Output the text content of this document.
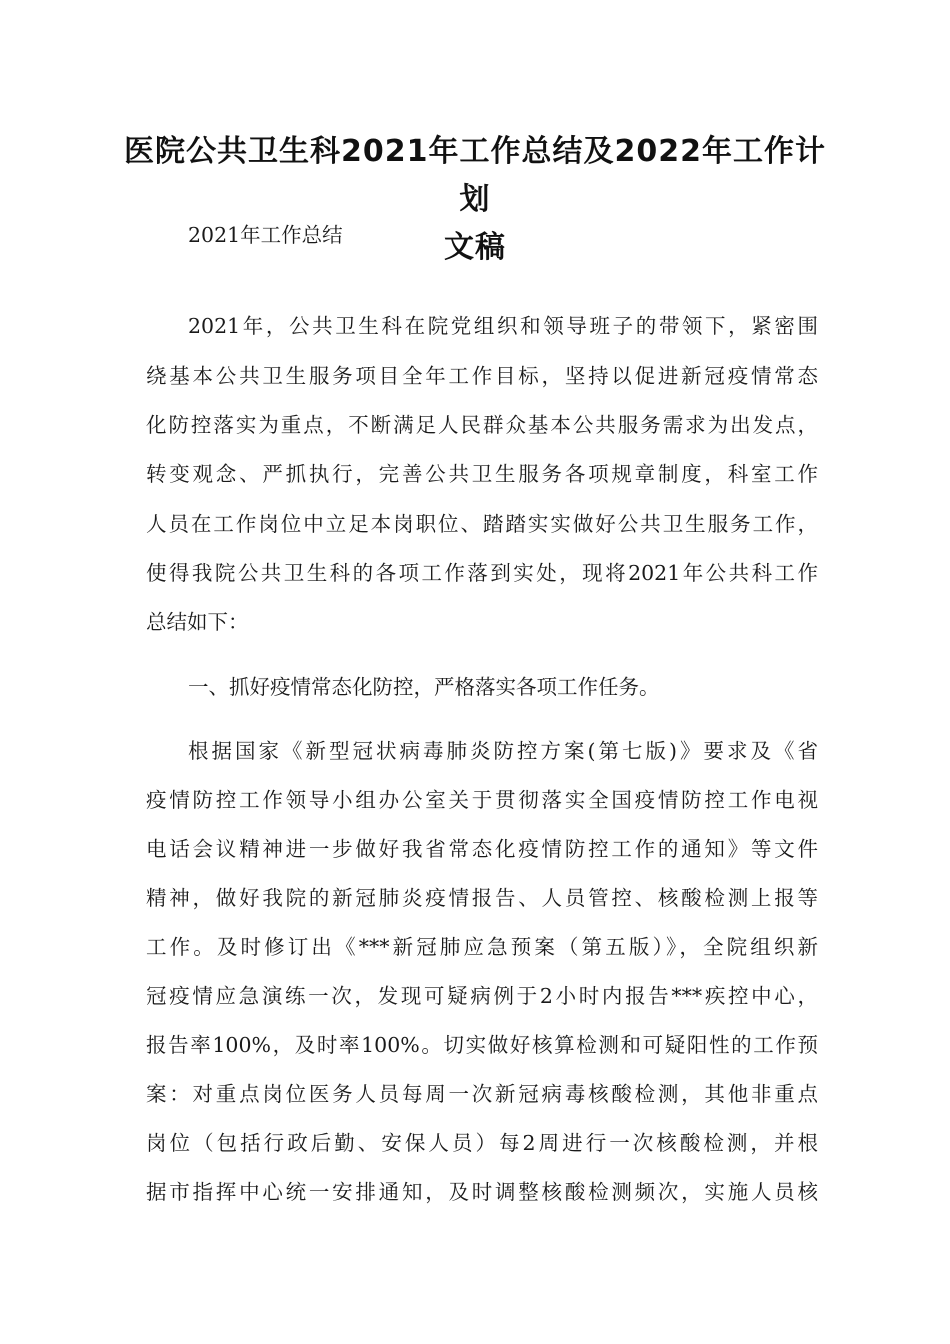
医院公共卫生科2021年工作总结及2022年工作计划
文稿
2021年工作总结
2021年，公共卫生科在院党组织和领导班子的带领下，紧密围
绕基本公共卫生服务项目全年工作目标，坚持以促进新冠疫情常态
化防控落实为重点，不断满足人民群众基本公共服务需求为出发点，
转变观念、严抓执行，完善公共卫生服务各项规章制度，科室工作
人员在工作岗位中立足本岗职位、踏踏实实做好公共卫生服务工作，
使得我院公共卫生科的各项工作落到实处，现将2021年公共科工作
总结如下：
一、抓好疫情常态化防控，严格落实各项工作任务。
根据国家《新型冠状病毒肺炎防控方案(第七版)》要求及《省
疫情防控工作领导小组办公室关于贯彻落实全国疫情防控工作电视
电话会议精神进一步做好我省常态化疫情防控工作的通知》等文件
精神，做好我院的新冠肺炎疫情报告、人员管控、核酸检测上报等
工作。及时修订出《***新冠肺应急预案（第五版）》，全院组织新
冠疫情应急演练一次，发现可疑病例于2小时内报告***疾控中心，
报告率100%，及时率100%。切实做好核算检测和可疑阳性的工作预
案：对重点岗位医务人员每周一次新冠病毒核酸检测，其他非重点
岗位（包括行政后勤、安保人员）每2周进行一次核酸检测，并根
据市指挥中心统一安排通知，及时调整核酸检测频次，实施人员核
